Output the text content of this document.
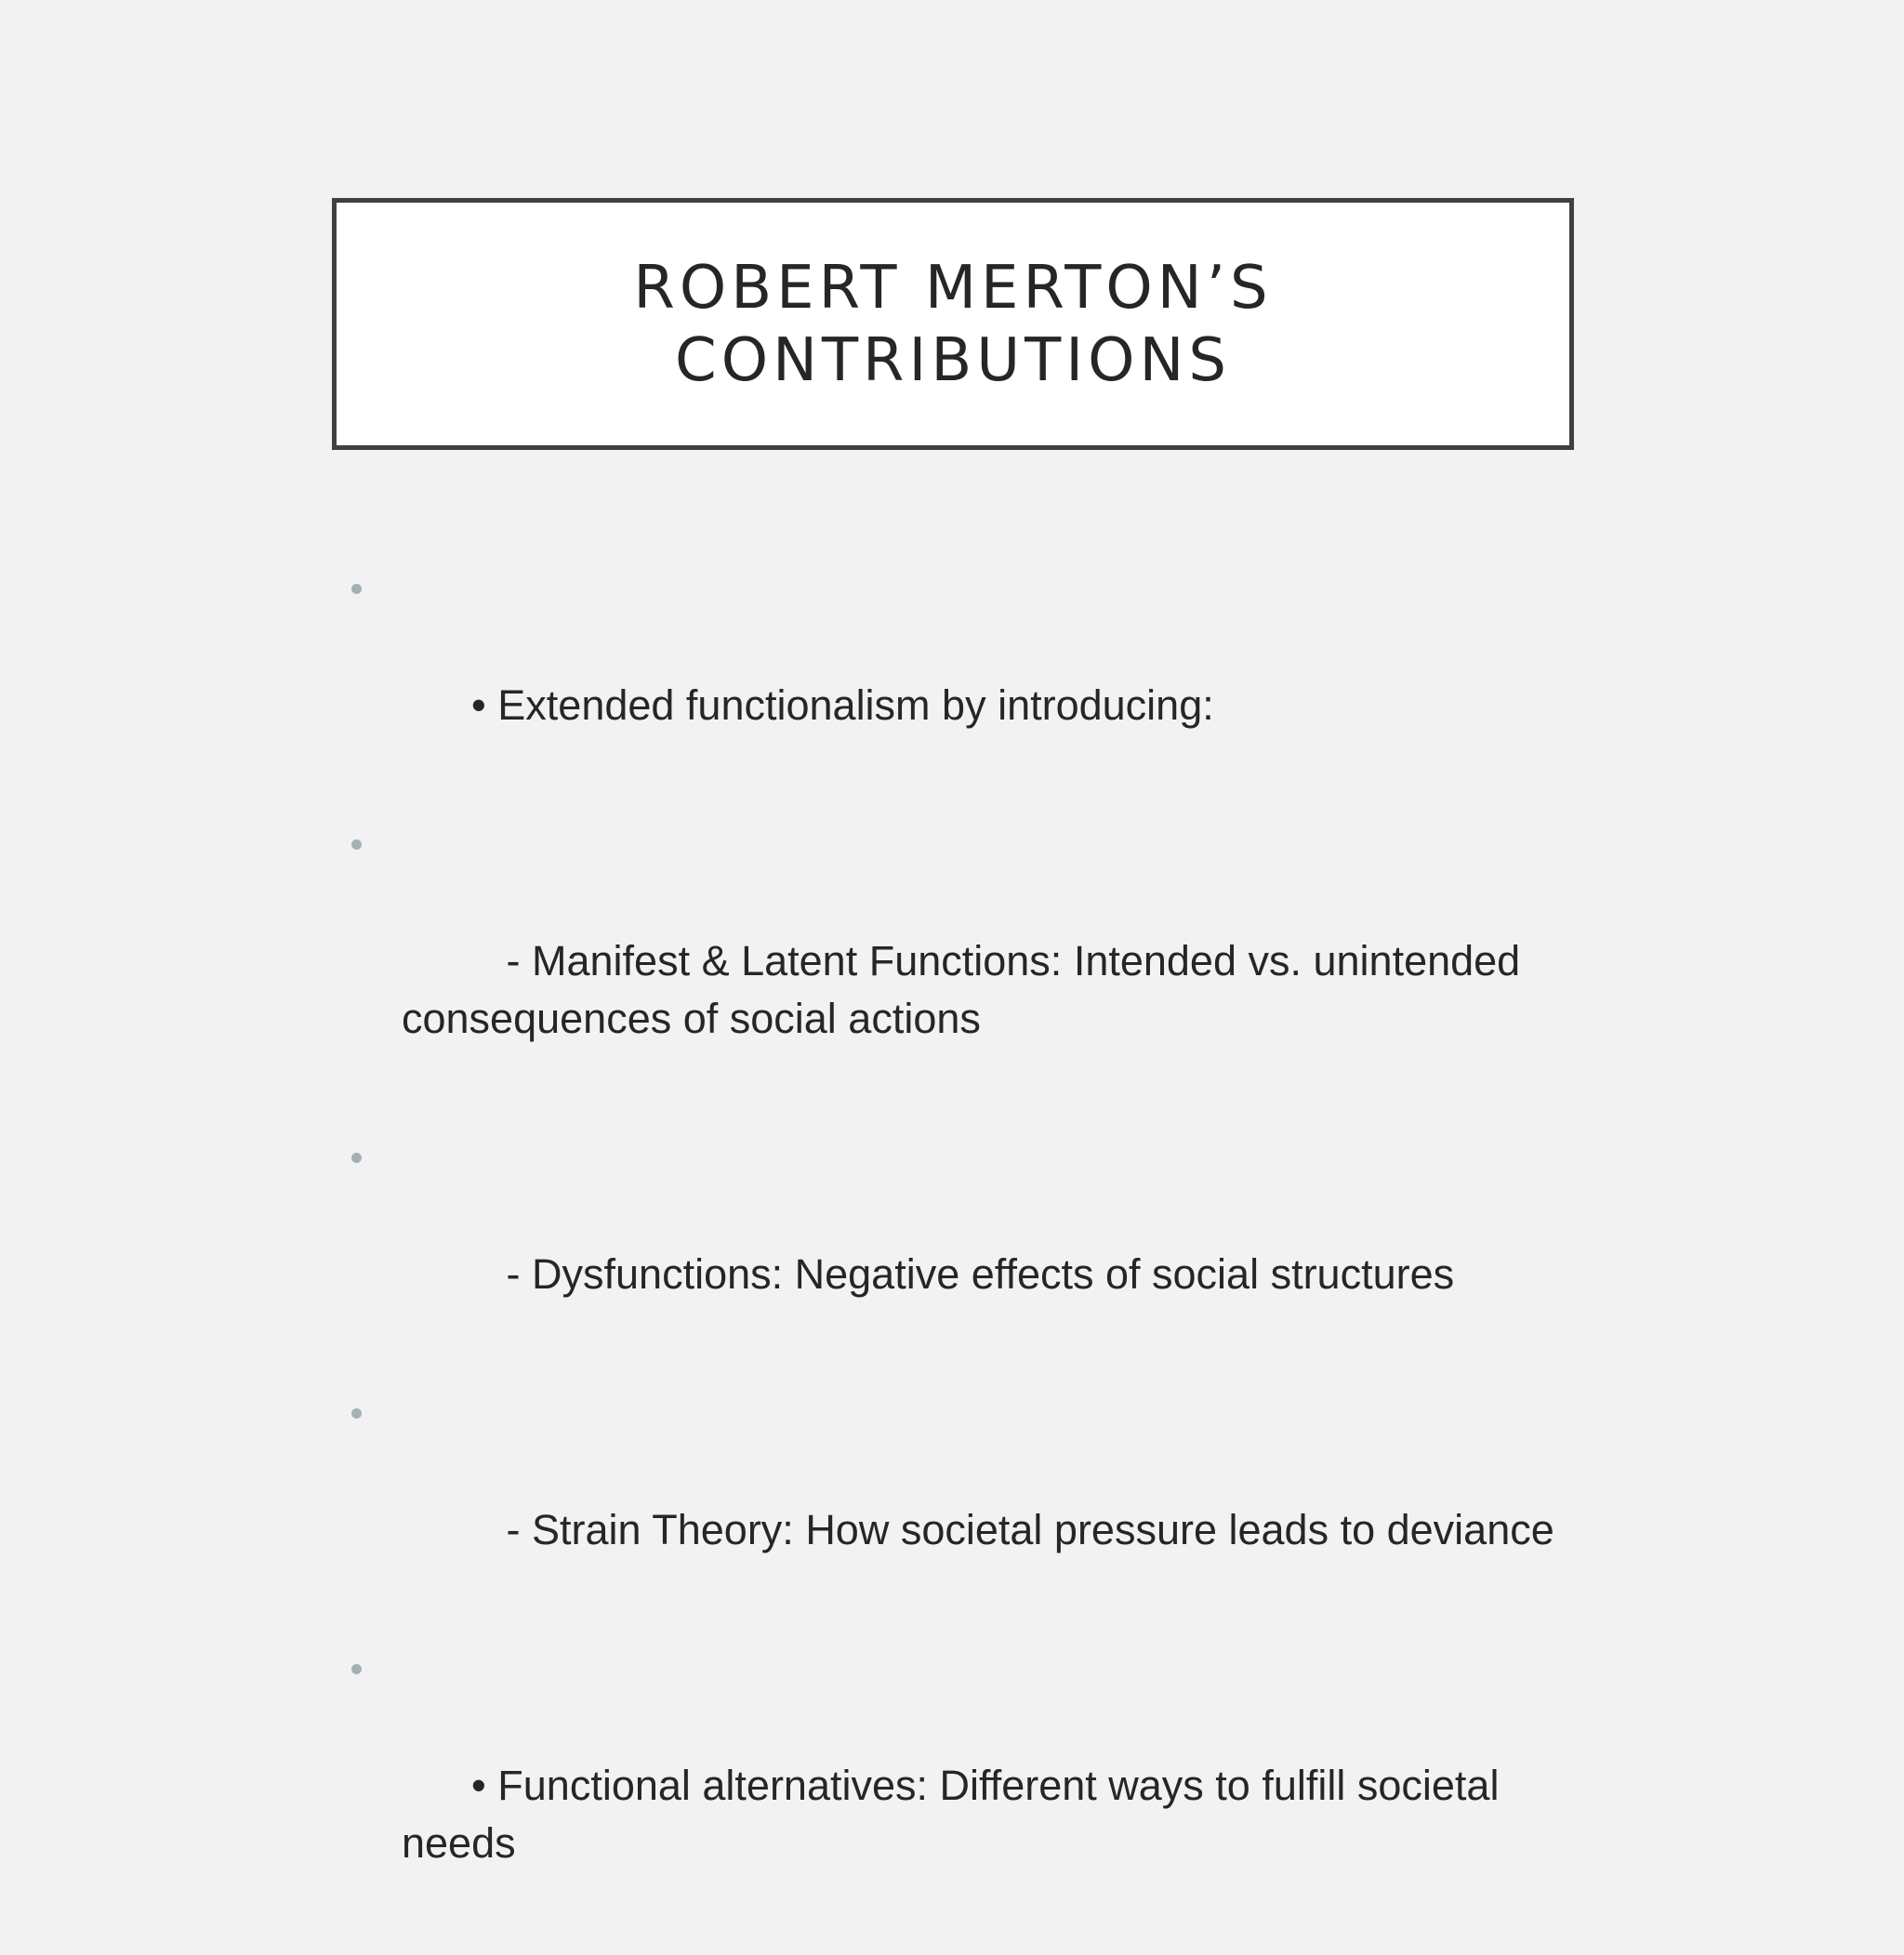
ROBERT MERTON’S CONTRIBUTIONS

• Extended functionalism by introducing:

- Manifest & Latent Functions: Intended vs. unintended consequences of social actions

- Dysfunctions: Negative effects of social structures

- Strain Theory: How societal pressure leads to deviance

• Functional alternatives: Different ways to fulfill societal needs
